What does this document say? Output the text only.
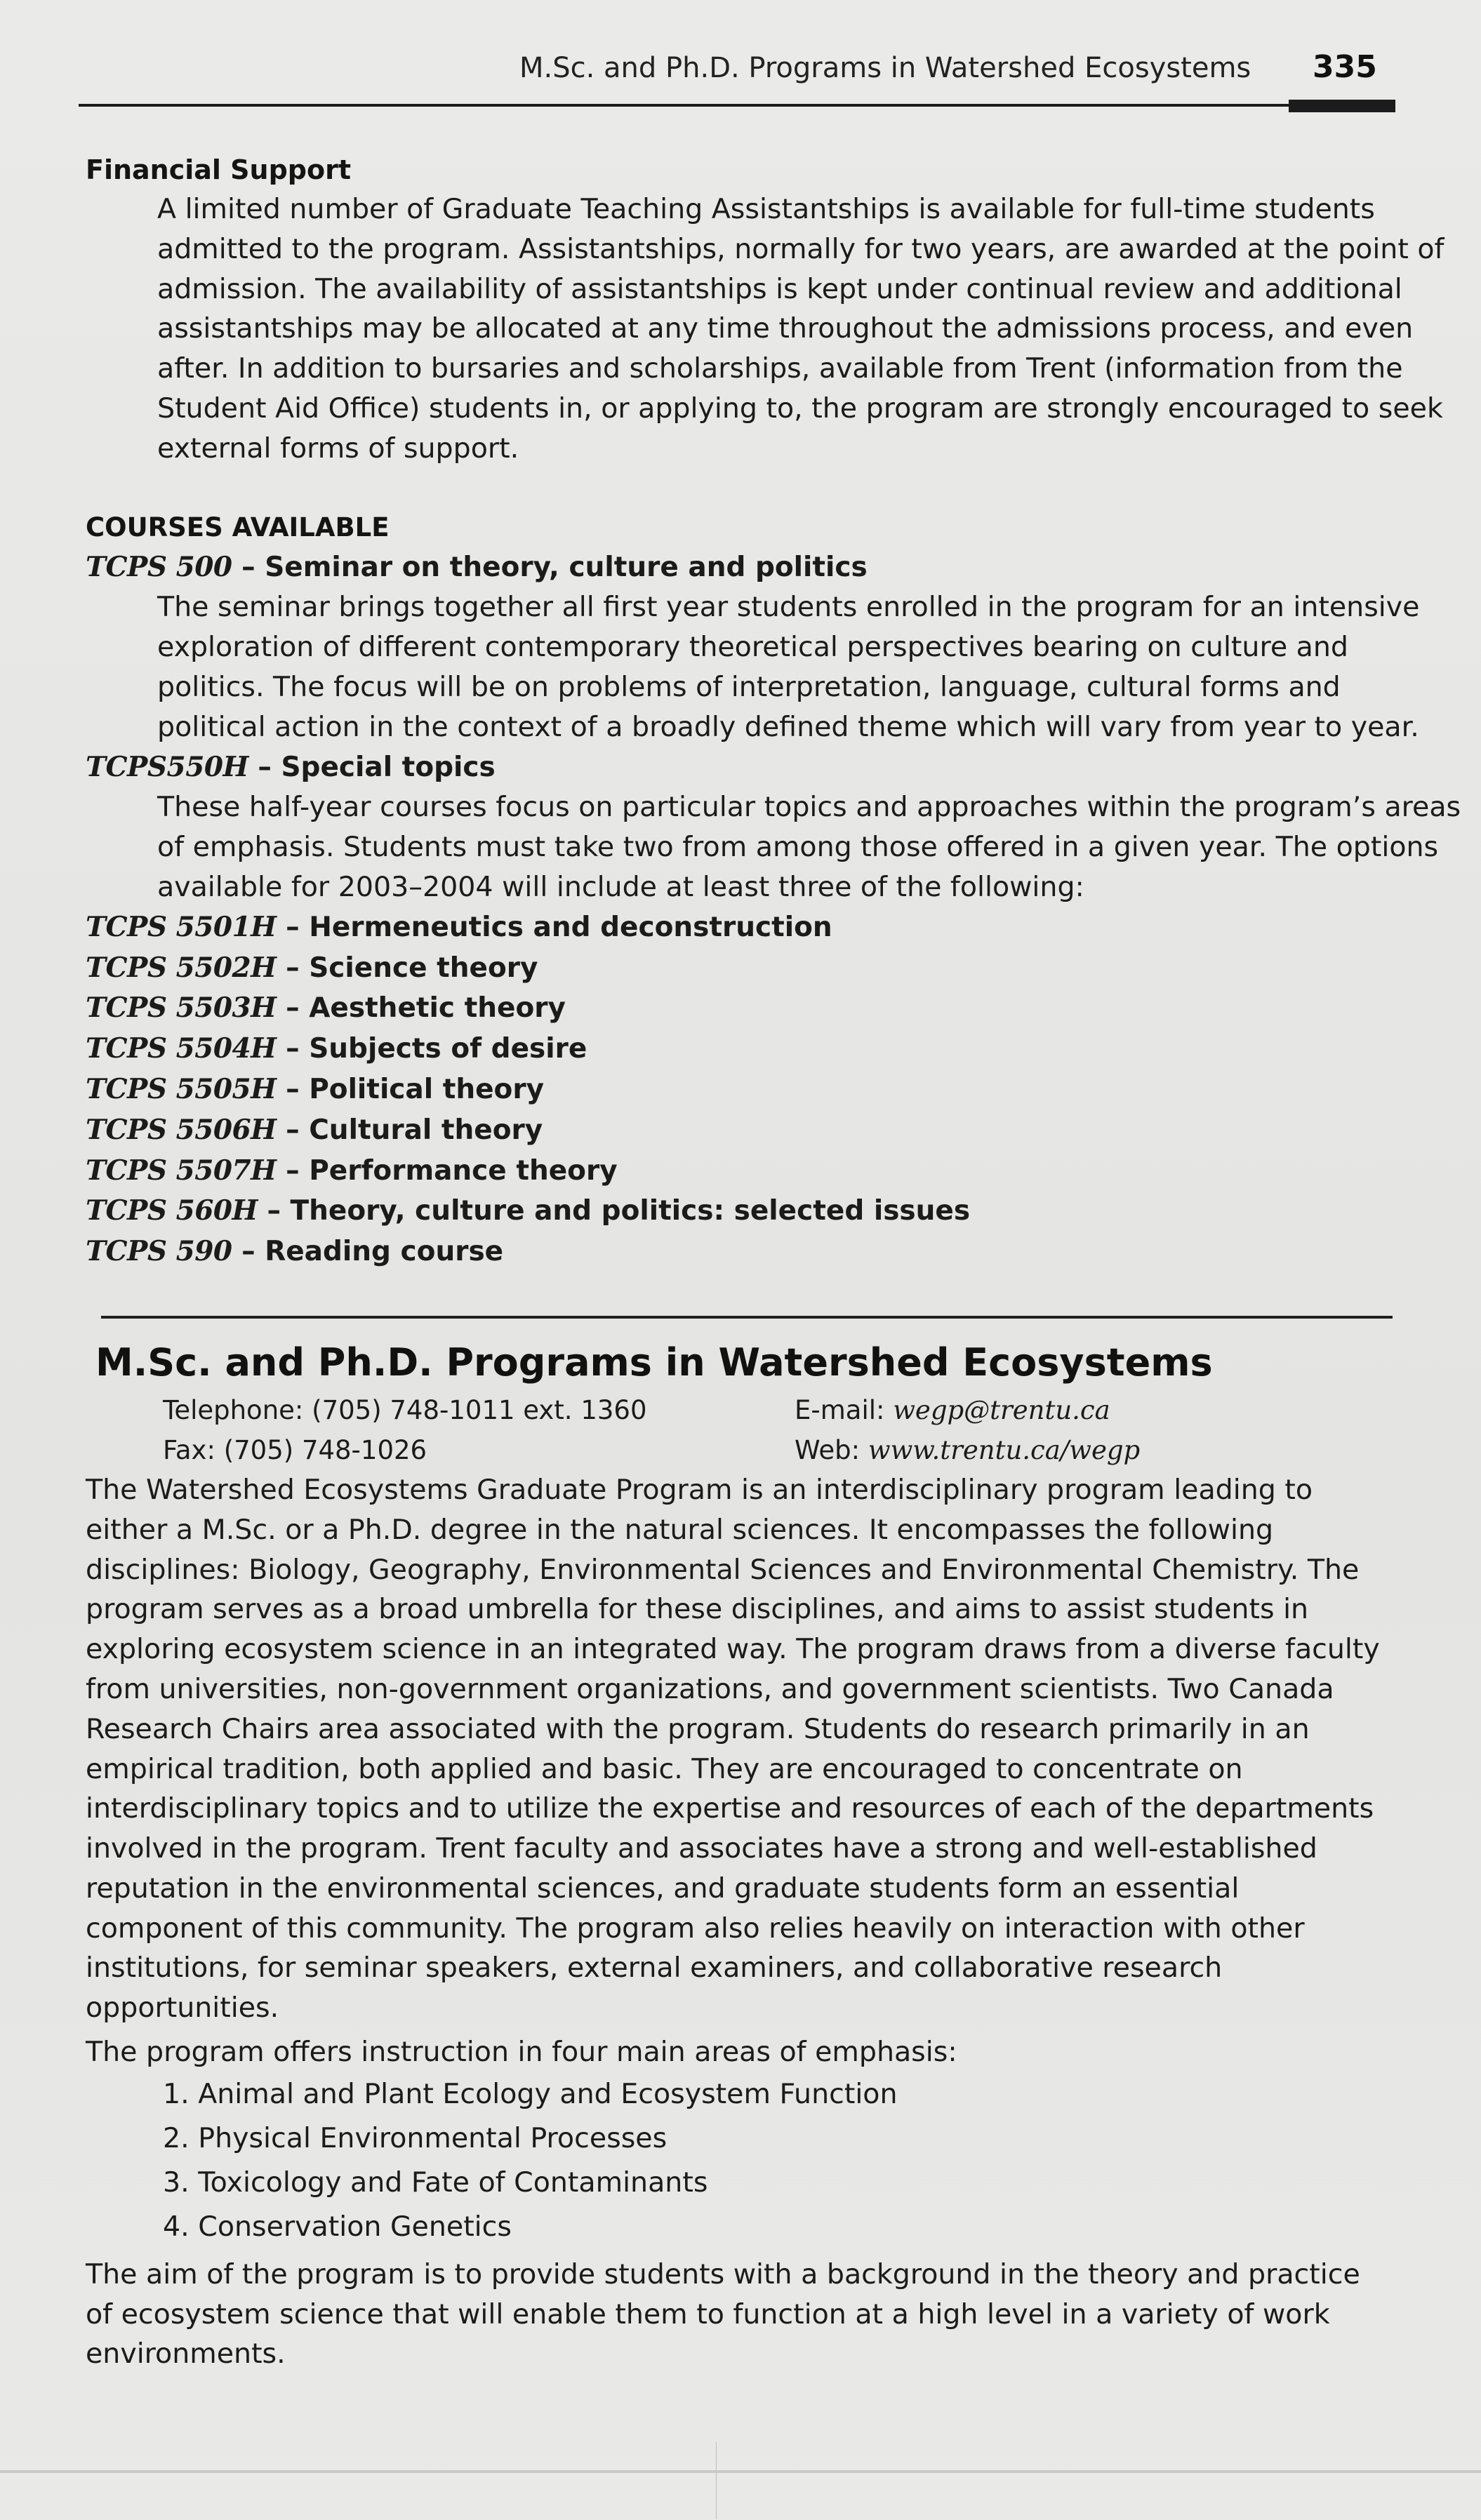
M.Sc. and Ph.D. Programs in Watershed Ecosystems 335
Financial Support
A limited number of Graduate Teaching Assistantships is available for full-time students admitted to the program. Assistantships, normally for two years, are awarded at the point of admission. The availability of assistantships is kept under continual review and additional assistantships may be allocated at any time throughout the admissions process, and even after. In addition to bursaries and scholarships, available from Trent (information from the Student Aid Office) students in, or applying to, the program are strongly encouraged to seek external forms of support.
COURSES AVAILABLE
TCPS 500 – Seminar on theory, culture and politics
The seminar brings together all first year students enrolled in the program for an intensive exploration of different contemporary theoretical perspectives bearing on culture and politics. The focus will be on problems of interpretation, language, cultural forms and political action in the context of a broadly defined theme which will vary from year to year.
TCPS550H – Special topics
These half-year courses focus on particular topics and approaches within the program’s areas of emphasis. Students must take two from among those offered in a given year. The options available for 2003–2004 will include at least three of the following:
TCPS 5501H – Hermeneutics and deconstruction
TCPS 5502H – Science theory
TCPS 5503H – Aesthetic theory
TCPS 5504H – Subjects of desire
TCPS 5505H – Political theory
TCPS 5506H – Cultural theory
TCPS 5507H – Performance theory
TCPS 560H – Theory, culture and politics: selected issues
TCPS 590 – Reading course
M.Sc. and Ph.D. Programs in Watershed Ecosystems
Telephone: (705) 748-1011 ext. 1360
Fax: (705) 748-1026
E-mail: wegp@trentu.ca
Web: www.trentu.ca/wegp
The Watershed Ecosystems Graduate Program is an interdisciplinary program leading to either a M.Sc. or a Ph.D. degree in the natural sciences. It encompasses the following disciplines: Biology, Geography, Environmental Sciences and Environmental Chemistry. The program serves as a broad umbrella for these disciplines, and aims to assist students in exploring ecosystem science in an integrated way. The program draws from a diverse faculty from universities, non-government organizations, and government scientists. Two Canada Research Chairs area associated with the program. Students do research primarily in an empirical tradition, both applied and basic. They are encouraged to concentrate on interdisciplinary topics and to utilize the expertise and resources of each of the departments involved in the program. Trent faculty and associates have a strong and well-established reputation in the environmental sciences, and graduate students form an essential component of this community. The program also relies heavily on interaction with other institutions, for seminar speakers, external examiners, and collaborative research opportunities.
The program offers instruction in four main areas of emphasis:
1. Animal and Plant Ecology and Ecosystem Function
2. Physical Environmental Processes
3. Toxicology and Fate of Contaminants
4. Conservation Genetics
The aim of the program is to provide students with a background in the theory and practice of ecosystem science that will enable them to function at a high level in a variety of work environments.
